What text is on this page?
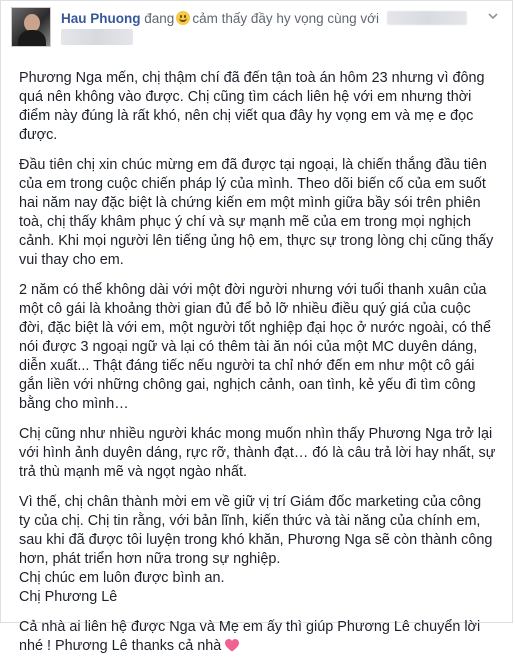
Hau Phuong đang cảm thấy đầy hy vọng cùng với

Phương Nga mến, chị thậm chí đã đến tận toà án hôm 23 nhưng vì đông quá nên không vào được. Chị cũng tìm cách liên hệ với em nhưng thời điểm này đúng là rất khó, nên chị viết qua đây hy vọng em và mẹ e đọc được.

Đầu tiên chị xin chúc mừng em đã được tại ngoại, là chiến thắng đầu tiên của em trong cuộc chiến pháp lý của mình. Theo dõi biến cố của em suốt hai năm nay đặc biệt là chứng kiến em một mình giữa bầy sói trên phiên toà, chị thấy khâm phục ý chí và sự mạnh mẽ của em trong mọi nghịch cảnh. Khi mọi người lên tiếng ủng hộ em, thực sự trong lòng chị cũng thấy vui thay cho em.

2 năm có thể không dài với một đời người nhưng với tuổi thanh xuân của một cô gái là khoảng thời gian đủ để bỏ lỡ nhiều điều quý giá của cuộc đời, đặc biệt là với em, một người tốt nghiệp đại học ở nước ngoài, có thể nói được 3 ngoại ngữ và lại có thêm tài ăn nói của một MC duyên dáng, diễn xuất... Thật đáng tiếc nếu người ta chỉ nhớ đến em như một cô gái gắn liền với những chông gai, nghịch cảnh, oan tình, kẻ yếu đi tìm công bằng cho mình…

Chị cũng như nhiều người khác mong muốn nhìn thấy Phương Nga trở lại với hình ảnh duyên dáng, rực rỡ, thành đạt… đó là câu trả lời hay nhất, sự trả thù mạnh mẽ và ngọt ngào nhất.

Vì thế, chị chân thành mời em về giữ vị trí Giám đốc marketing của công ty của chị. Chị tin rằng, với bản lĩnh, kiến thức và tài năng của chính em, sau khi đã được tôi luyện trong khó khăn, Phương Nga sẽ còn thành công hơn, phát triển hơn nữa trong sự nghiệp.
Chị chúc em luôn được bình an.
Chị Phương Lê

Cả nhà ai liên hệ được Nga và Mẹ em ấy thì giúp Phương Lê chuyển lời nhé ! Phương Lê thanks cả nhà
